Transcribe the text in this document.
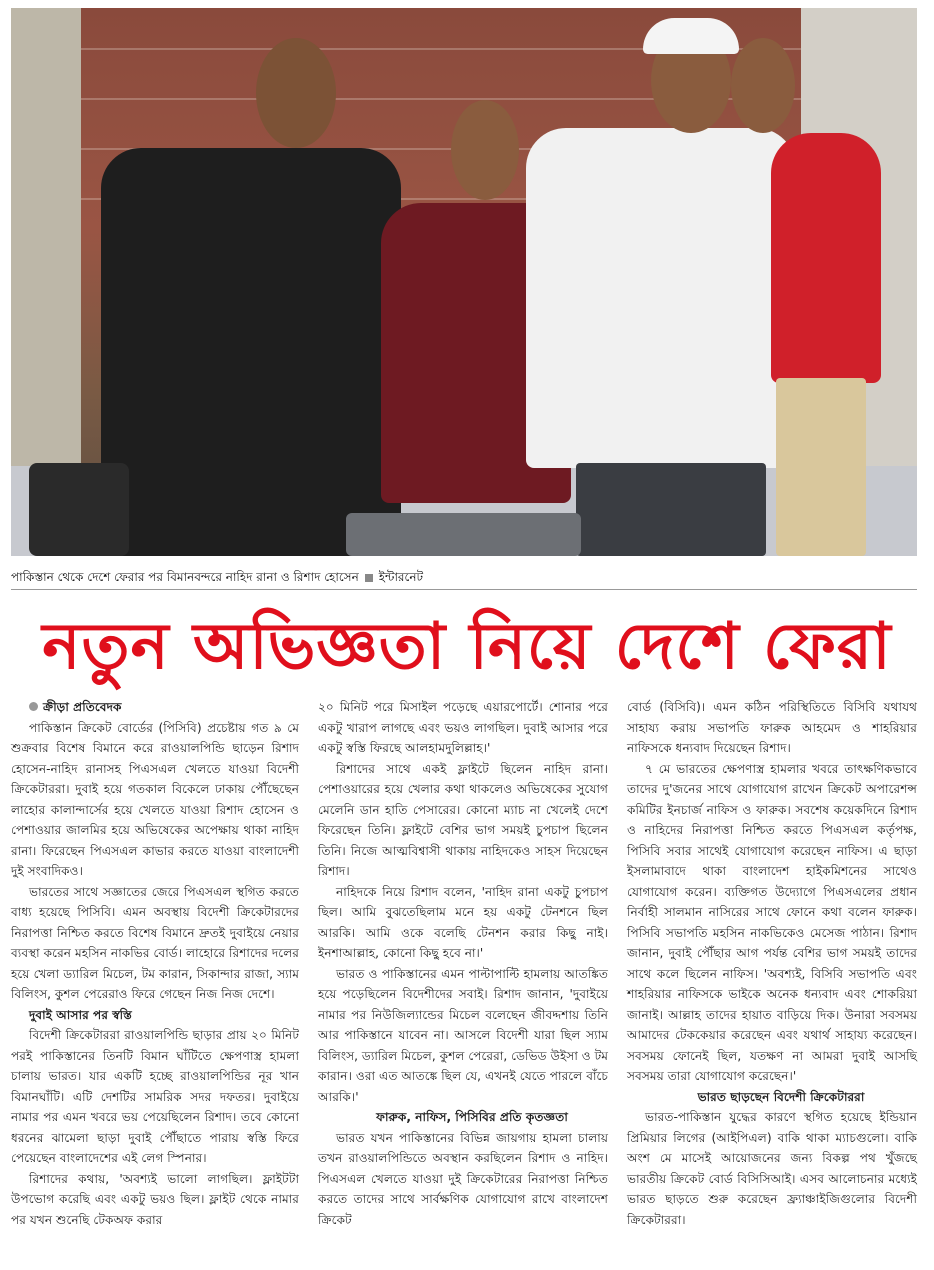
পাকিস্তান থেকে দেশে ফেরার পর বিমানবন্দরে নাহিদ রানা ও রিশাদ হোসেন ইন্টারনেট
নতুন অভিজ্ঞতা নিয়ে দেশে ফেরা

ক্রীড়া প্রতিবেদক

পাকিস্তান ক্রিকেট বোর্ডের (পিসিবি) প্রচেষ্টায় গত ৯ মে শুক্রবার বিশেষ বিমানে করে রাওয়ালপিন্ডি ছাড়েন রিশাদ হোসেন-নাহিদ রানাসহ পিএসএল খেলতে যাওয়া বিদেশী ক্রিকেটাররা। দুবাই হয়ে গতকাল বিকেলে ঢাকায় পৌঁছেছেন লাহোর কালান্দার্সের হয়ে খেলতে যাওয়া রিশাদ হোসেন ও পেশাওয়ার জালমির হয়ে অভিষেকের অপেক্ষায় থাকা নাহিদ রানা। ফিরেছেন পিএসএল কাভার করতে যাওয়া বাংলাদেশী দুই সংবাদিকও।

ভারতের সাথে সজ্ঞাতের জেরে পিএসএল স্থগিত করতে বাধ্য হয়েছে পিসিবি। এমন অবস্থায় বিদেশী ক্রিকেটারদের নিরাপত্তা নিশ্চিত করতে বিশেষ বিমানে দ্রুতই দুবাইয়ে নেয়ার ব্যবস্থা করেন মহসিন নাকভির বোর্ড। লাহোরে রিশাদের দলের হয়ে খেলা ড্যারিল মিচেল, টম কারান, সিকান্দার রাজা, স্যাম বিলিংস, কুশল পেরেরাও ফিরে গেছেন নিজ নিজ দেশে।

দুবাই আসার পর স্বস্তি

বিদেশী ক্রিকেটাররা রাওয়ালপিন্ডি ছাড়ার প্রায় ২০ মিনিট পরই পাকিস্তানের তিনটি বিমান ঘাঁটিতে ক্ষেপণাস্ত্র হামলা চালায় ভারত। যার একটি হচ্ছে রাওয়ালপিন্ডির নূর খান বিমানঘাঁটি। এটি দেশটির সামরিক সদর দফতর। দুবাইয়ে নামার পর এমন খবরে ভয় পেয়েছিলেন রিশাদ। তবে কোনো ধরনের ঝামেলা ছাড়া দুবাই পৌঁছাতে পারায় স্বস্তি ফিরে পেয়েছেন বাংলাদেশের এই লেগ স্পিনার।

রিশাদের কথায়, 'অবশ্যই ভালো লাগছিল। ফ্লাইটটা উপভোগ করেছি এবং একটু ভয়ও ছিল। ফ্লাইট থেকে নামার পর যখন শুনেছি টেকঅফ করার

২০ মিনিট পরে মিসাইল পড়েছে এয়ারপোর্টে। শোনার পরে একটু খারাপ লাগছে এবং ভয়ও লাগছিল। দুবাই আসার পরে একটু স্বস্তি ফিরছে আলহামদুলিল্লাহ।'

রিশাদের সাথে একই ফ্লাইটে ছিলেন নাহিদ রানা। পেশাওয়ারের হয়ে খেলার কথা থাকলেও অভিষেকের সুযোগ মেলেনি ডান হাতি পেসারের। কোনো ম্যাচ না খেলেই দেশে ফিরেছেন তিনি। ফ্লাইটে বেশির ভাগ সময়ই চুপচাপ ছিলেন তিনি। নিজে আত্মবিশ্বাসী থাকায় নাহিদকেও সাহস দিয়েছেন রিশাদ।

নাহিদকে নিয়ে রিশাদ বলেন, 'নাহিদ রানা একটু চুপচাপ ছিল। আমি বুঝতেছিলাম মনে হয় একটু টেনশনে ছিল আরকি। আমি ওকে বলেছি টেনশন করার কিছু নাই। ইনশাআল্লাহ, কোনো কিছু হবে না।'

ভারত ও পাকিস্তানের এমন পাল্টাপাল্টি হামলায় আতঙ্কিত হয়ে পড়েছিলেন বিদেশীদের সবাই। রিশাদ জানান, 'দুবাইয়ে নামার পর নিউজিল্যান্ডের মিচেল বলেছেন জীবদ্দশায় তিনি আর পাকিস্তানে যাবেন না। আসলে বিদেশী যারা ছিল স্যাম বিলিংস, ড্যারিল মিচেল, কুশল পেরেরা, ডেভিড উইসা ও টম কারান। ওরা এত আতঙ্কে ছিল যে, এখনই যেতে পারলে বাঁচে আরকি।'

ফারুক, নাফিস, পিসিবির প্রতি কৃতজ্ঞতা

ভারত যখন পাকিস্তানের বিভিন্ন জায়গায় হামলা চালায় তখন রাওয়ালপিন্ডিতে অবস্থান করছিলেন রিশাদ ও নাহিদ। পিএসএল খেলতে যাওয়া দুই ক্রিকেটারের নিরাপত্তা নিশ্চিত করতে তাদের সাথে সার্বক্ষণিক যোগাযোগ রাখে বাংলাদেশ ক্রিকেট

বোর্ড (বিসিবি)। এমন কঠিন পরিস্থিতিতে বিসিবি যথাযথ সাহায্য করায় সভাপতি ফারুক আহমেদ ও শাহরিয়ার নাফিসকে ধন্যবাদ দিয়েছেন রিশাদ।

৭ মে ভারতের ক্ষেপণাস্ত্র হামলার খবরে তাৎক্ষণিকভাবে তাদের দু'জনের সাথে যোগাযোগ রাখেন ক্রিকেট অপারেশন্স কমিটির ইনচার্জ নাফিস ও ফারুক। সবশেষ কয়েকদিনে রিশাদ ও নাহিদের নিরাপত্তা নিশ্চিত করতে পিএসএল কর্তৃপক্ষ, পিসিবি সবার সাথেই যোগাযোগ করেছেন নাফিস। এ ছাড়া ইসলামাবাদে থাকা বাংলাদেশ হাইকমিশনের সাথেও যোগাযোগ করেন। ব্যক্তিগত উদ্যোগে পিএসএলের প্রধান নির্বাহী সালমান নাসিরের সাথে ফোনে কথা বলেন ফারুক। পিসিবি সভাপতি মহসিন নাকভিকেও মেসেজ পাঠান। রিশাদ জানান, দুবাই পৌঁছার আগ পর্যন্ত বেশির ভাগ সময়ই তাদের সাথে কলে ছিলেন নাফিস। 'অবশ্যই, বিসিবি সভাপতি এবং শাহরিয়ার নাফিসকে ভাইকে অনেক ধন্যবাদ এবং শোকরিয়া জানাই। আল্লাহ তাদের হায়াত বাড়িয়ে দিক। উনারা সবসময় আমাদের টেককেয়ার করেছেন এবং যথার্থ সাহায্য করেছেন। সবসময় ফোনেই ছিল, যতক্ষণ না আমরা দুবাই আসছি সবসময় তারা যোগাযোগ করেছেন।'

ভারত ছাড়ছেন বিদেশী ক্রিকেটাররা

ভারত-পাকিস্তান যুদ্ধের কারণে স্থগিত হয়েছে ইন্ডিয়ান প্রিমিয়ার লিগের (আইপিএল) বাকি থাকা ম্যাচগুলো। বাকি অংশ মে মাসেই আয়োজনের জন্য বিকল্প পথ খুঁজছে ভারতীয় ক্রিকেট বোর্ড বিসিসিআই। এসব আলোচনার মধ্যেই ভারত ছাড়তে শুরু করেছেন ফ্র্যাঞ্চাইজিগুলোর বিদেশী ক্রিকেটাররা।
